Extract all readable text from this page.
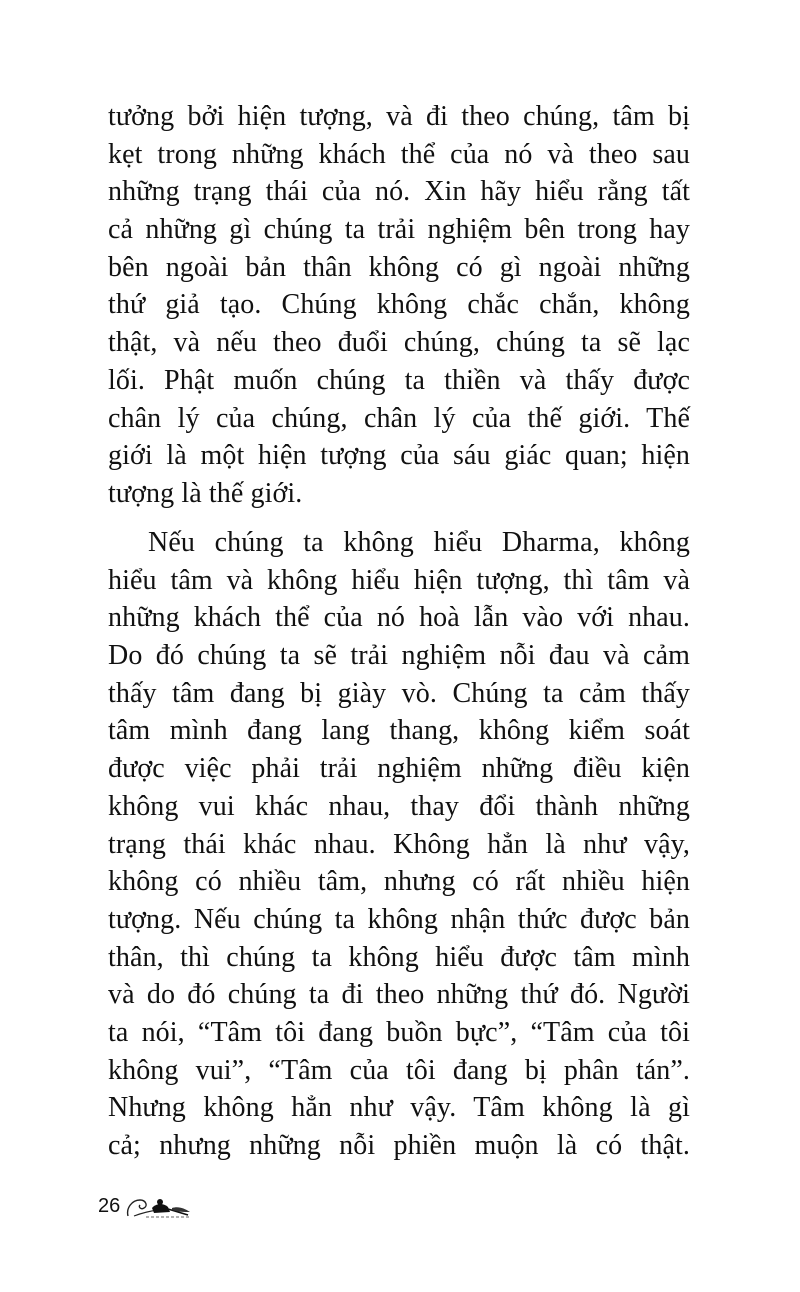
tưởng bởi hiện tượng, và đi theo chúng, tâm bị
kẹt trong những khách thể của nó và theo sau
những trạng thái của nó. Xin hãy hiểu rằng tất
cả những gì chúng ta trải nghiệm bên trong hay
bên ngoài bản thân không có gì ngoài những
thứ giả tạo. Chúng không chắc chắn, không
thật, và nếu theo đuổi chúng, chúng ta sẽ lạc
lối. Phật muốn chúng ta thiền và thấy được
chân lý của chúng, chân lý của thế giới. Thế
giới là một hiện tượng của sáu giác quan; hiện
tượng là thế giới.
Nếu chúng ta không hiểu Dharma, không
hiểu tâm và không hiểu hiện tượng, thì tâm và
những khách thể của nó hoà lẫn vào với nhau.
Do đó chúng ta sẽ trải nghiệm nỗi đau và cảm
thấy tâm đang bị giày vò. Chúng ta cảm thấy
tâm mình đang lang thang, không kiểm soát
được việc phải trải nghiệm những điều kiện
không vui khác nhau, thay đổi thành những
trạng thái khác nhau. Không hẳn là như vậy,
không có nhiều tâm, nhưng có rất nhiều hiện
tượng. Nếu chúng ta không nhận thức được bản
thân, thì chúng ta không hiểu được tâm mình
và do đó chúng ta đi theo những thứ đó. Người
ta nói, “Tâm tôi đang buồn bực”, “Tâm của tôi
không vui”, “Tâm của tôi đang bị phân tán”.
Nhưng không hẳn như vậy. Tâm không là gì
cả; nhưng những nỗi phiền muộn là có thật.
26
